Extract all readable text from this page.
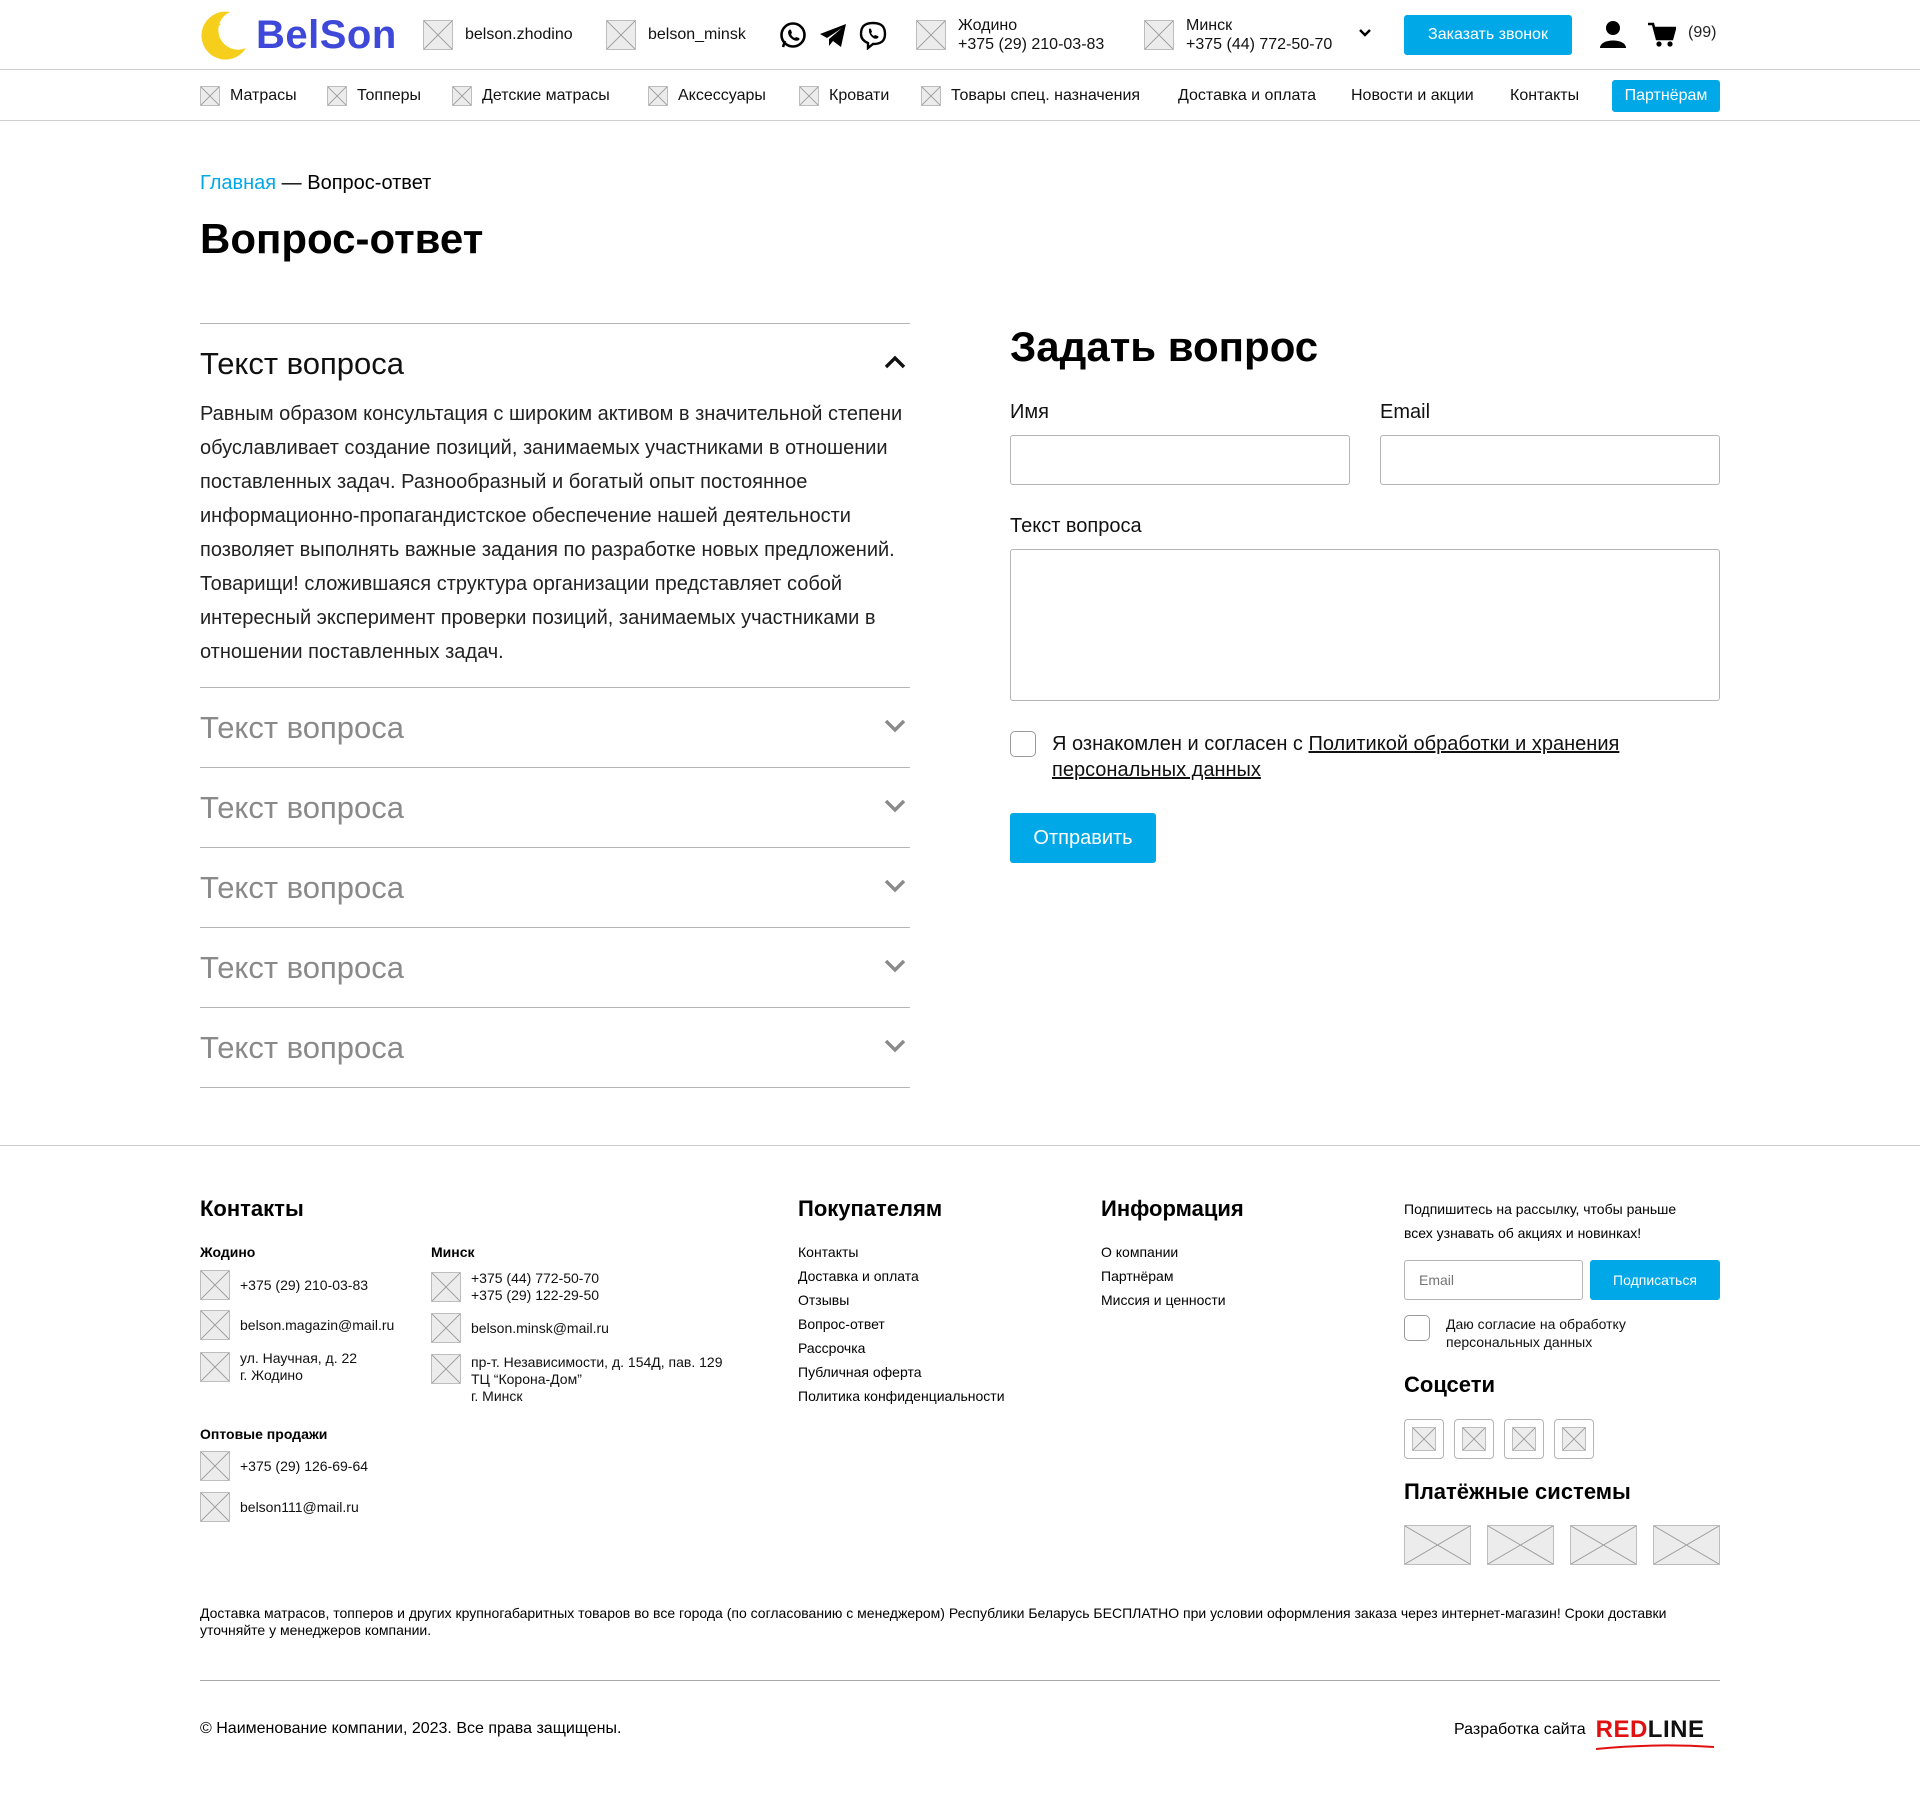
BelSon	belson.zhodino	belson_minsk
Жодино
+375 (29) 210-03-83
Минск
+375 (44) 772-50-70
Заказать звонок	(99)
Матрасы	Топперы	Детские матрасы	Аксессуары	Кровати	Товары спец. назначения Доставка и оплата Новости и акции Контакты	Партнёрам
Главная — Вопрос-ответ
Вопрос-ответ
Текст вопроса
Равным образом консультация с широким активом в значительной степени обуславливает создание позиций, занимаемых участниками в отношении поставленных задач. Разнообразный и богатый опыт постоянное информационно-пропагандистское обеспечение нашей деятельности позволяет выполнять важные задания по разработке новых предложений. Товарищи! сложившаяся структура организации представляет собой интересный эксперимент проверки позиций, занимаемых участниками в отношении поставленных задач.
Текст вопроса
Текст вопроса
Текст вопроса
Текст вопроса
Текст вопроса
Задать вопрос
Имя	Email
Текст вопроса
Я ознакомлен и согласен с Политикой обработки и хранения персональных данных
Отправить
Контакты
Жодино
+375 (29) 210-03-83
belson.magazin@mail.ru
ул. Научная, д. 22
г. Жодино
Минск
+375 (44) 772-50-70
+375 (29) 122-29-50
belson.minsk@mail.ru
пр-т. Независимости, д. 154Д, пав. 129
ТЦ “Корона-Дом”
г. Минск
Оптовые продажи
+375 (29) 126-69-64
belson111@mail.ru
Покупателям
Контакты
Доставка и оплата
Отзывы
Вопрос-ответ
Рассрочка
Публичная оферта
Политика конфиденциальности
Информация
О компании
Партнёрам
Миссия и ценности
Подпишитесь на рассылку, чтобы раньше всех узнавать об акциях и новинках!
Email
Подписаться
Даю согласие на обработку персональных данных
Соцсети
Платёжные системы
Доставка матрасов, топперов и других крупногабаритных товаров во все города (по согласованию с менеджером) Республики Беларусь БЕСПЛАТНО при условии оформления заказа через интернет-магазин! Сроки доставки уточняйте у менеджеров компании.
© Наименование компании, 2023. Все права защищены.	Разработка сайта REDLINE
